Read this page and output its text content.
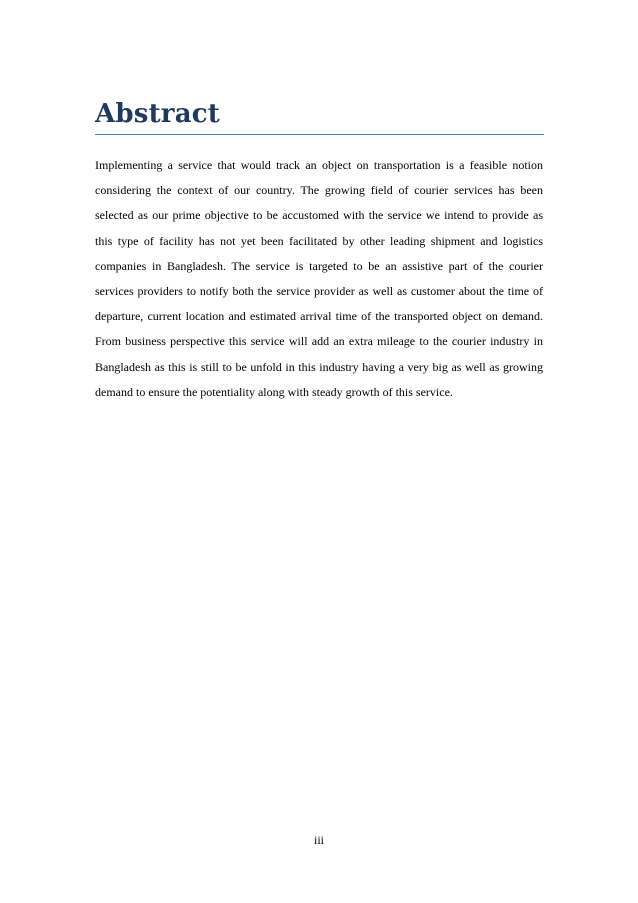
Abstract

Implementing a service that would track an object on transportation is a feasible notion considering the context of our country. The growing field of courier services has been selected as our prime objective to be accustomed with the service we intend to provide as this type of facility has not yet been facilitated by other leading shipment and logistics companies in Bangladesh. The service is targeted to be an assistive part of the courier services providers to notify both the service provider as well as customer about the time of departure, current location and estimated arrival time of the transported object on demand. From business perspective this service will add an extra mileage to the courier industry in Bangladesh as this is still to be unfold in this industry having a very big as well as growing demand to ensure the potentiality along with steady growth of this service.

iii
